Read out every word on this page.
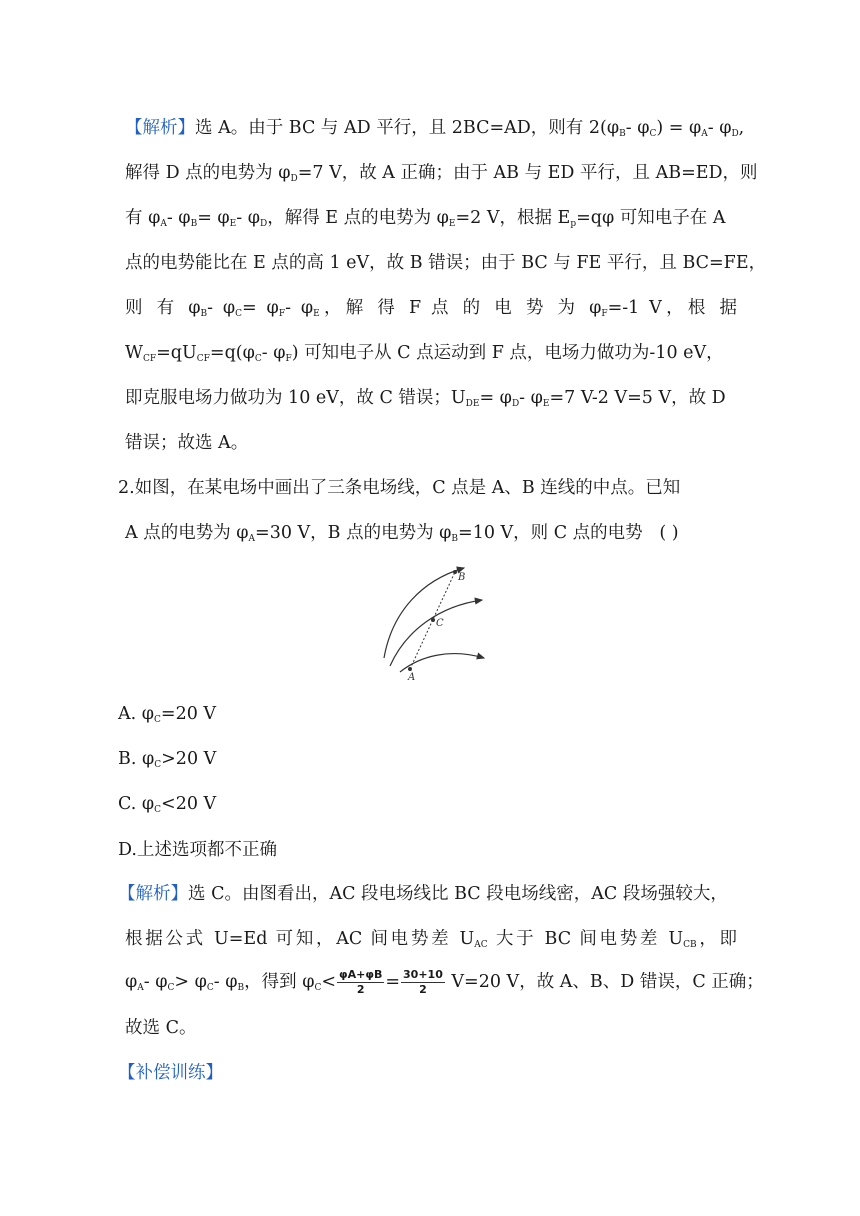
【解析】选 A。由于 BC 与 AD 平行，且 2BC=AD，则有 $2(\varphi_B-$ $\varphi_C) = \varphi_A-$ $\varphi_D$,
解得 D 点的电势为 $\varphi_D=7$ V，故 A 正确；由于 AB 与 ED 平行，且 AB=ED，则
有 $\varphi_A-$ $\varphi_B= \varphi_E-$ $\varphi_D$，解得 E 点的电势为 $\varphi_E=2$ V，根据 $E_p=q\varphi$ 可知电子在 A
点的电势能比在 E 点的高 1 eV，故 B 错误；由于 BC 与 FE 平行，且 BC=FE，
则 有 $\varphi_B-$ $\varphi_C= \varphi_F-$ $\varphi_E$，解 得 F 点 的 电 势 为 $\varphi_F=-1$ V，根 据
$W_{CF}=qU_{CF}=q(\varphi_C-$ $\varphi_F$) 可知电子从 C 点运动到 F 点，电场力做功为-10 eV，
即克服电场力做功为 10 eV，故 C 错误；$U_{DE}= \varphi_D-$ $\varphi_E=7$ V-2 V=5 V，故 D
错误；故选 A。
2.如图，在某电场中画出了三条电场线，C 点是 A、B 连线的中点。已知
A 点的电势为 $\varphi_A=30$ V，B 点的电势为 $\varphi_B=10$ V，则 C 点的电势 ( )
B
C
A
A. $\varphi_C=20$ V
B. $\varphi_C>20$ V
C. $\varphi_C<20$ V
D.上述选项都不正确
【解析】选 C。由图看出，AC 段电场线比 BC 段电场线密，AC 段场强较大，
根据公式 U=Ed 可知，AC 间电势差 $U_{AC}$ 大于 BC 间电势差 $U_{CB}$，即
$\varphi_A-$ $\varphi_C> \varphi_C-$ $\varphi_B$，得到 $\varphi_C< \frac{\varphi A+\varphi B}{2} = \frac{30+10}{2} V=20$ V，故 A、B、D 错误，C 正确；
故选 C。
【补偿训练】
